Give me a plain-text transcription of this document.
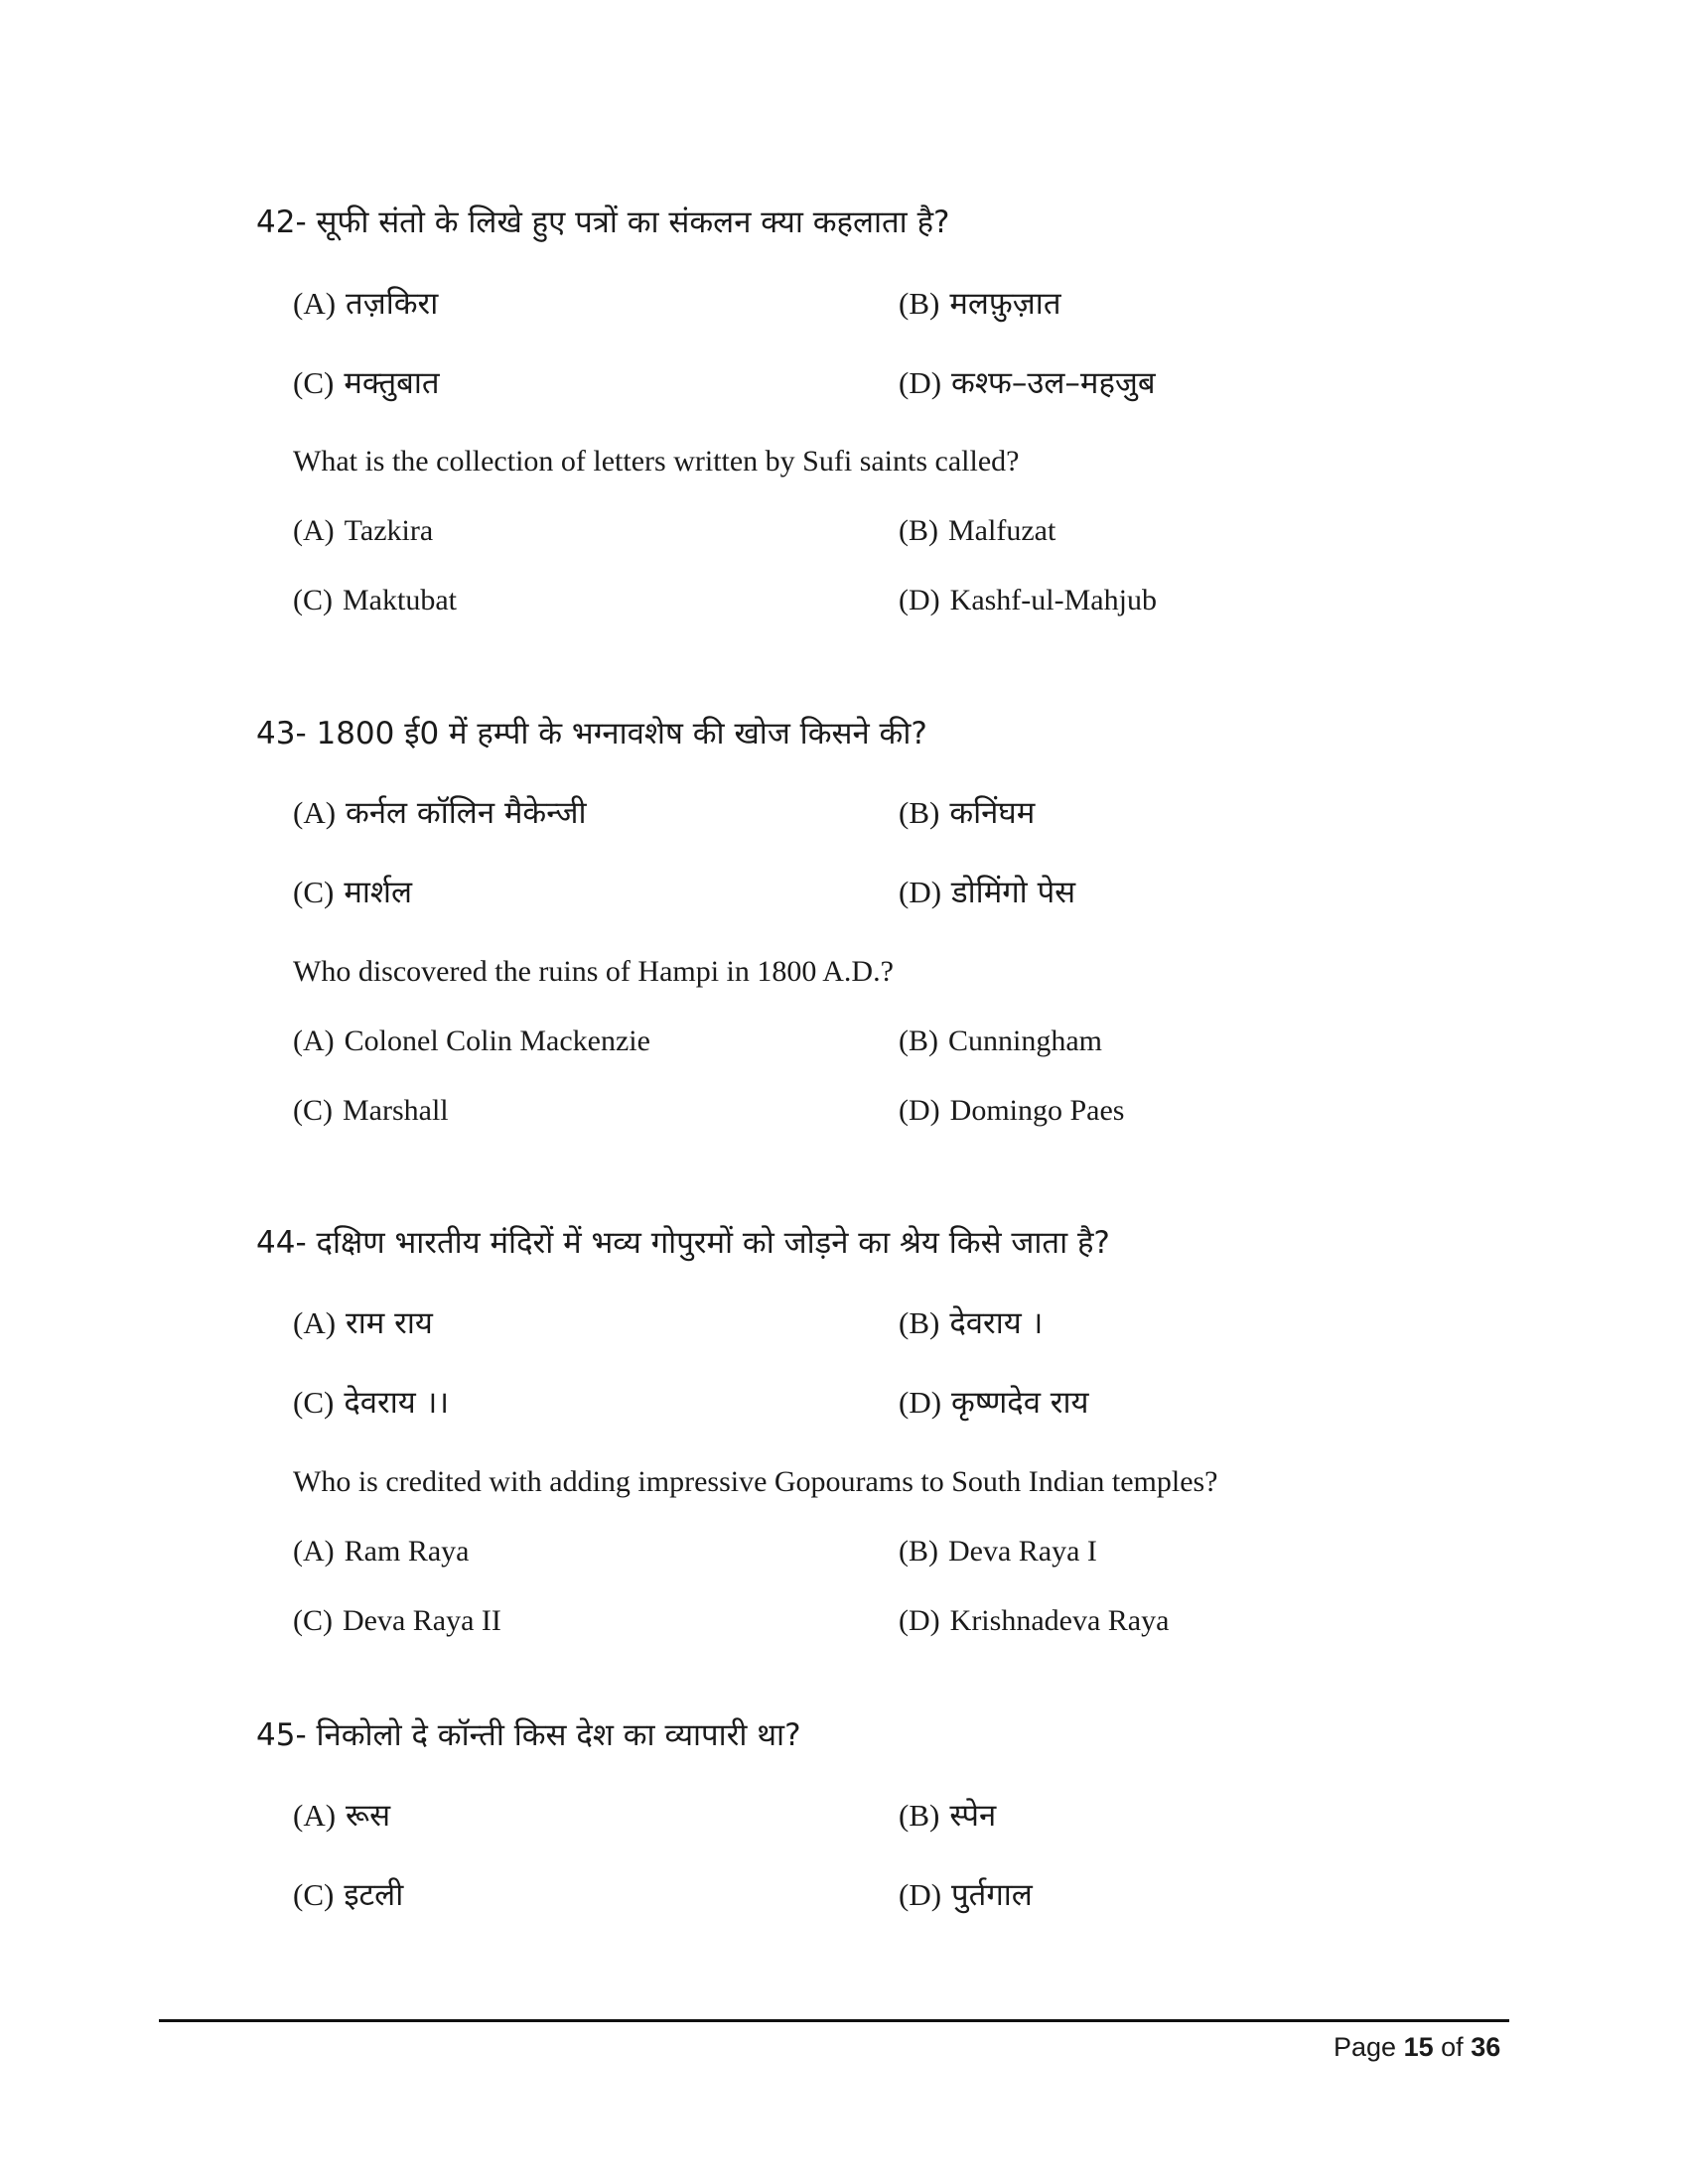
42- सूफी संतो के लिखे हुए पत्रों का संकलन क्या कहलाता है?
(A) तज़किरा	(B) मलफ़ुज़ात
(C) मक्तुबात	(D) कश्फ–उल–महजुब
What is the collection of letters written by Sufi saints called?
(A) Tazkira	(B) Malfuzat
(C) Maktubat	(D) Kashf-ul-Mahjub
43- 1800 ई0 में हम्पी के भग्नावशेष की खोज किसने की?
(A) कर्नल कॉलिन मैकेन्जी	(B) कनिंघम
(C) मार्शल	(D) डोमिंगो पेस
Who discovered the ruins of Hampi in 1800 A.D.?
(A) Colonel Colin Mackenzie	(B) Cunningham
(C) Marshall	(D) Domingo Paes
44- दक्षिण भारतीय मंदिरों में भव्य गोपुरमों को जोड़ने का श्रेय किसे जाता है?
(A) राम राय	(B) देवराय ।
(C) देवराय ।।	(D) कृष्णदेव राय
Who is credited with adding impressive Gopourams to South Indian temples?
(A) Ram Raya	(B) Deva Raya I
(C) Deva Raya II	(D) Krishnadeva Raya
45- निकोलो दे कॉन्ती किस देश का व्यापारी था?
(A) रूस	(B) स्पेन
(C) इटली	(D) पुर्तगाल
Page 15 of 36
